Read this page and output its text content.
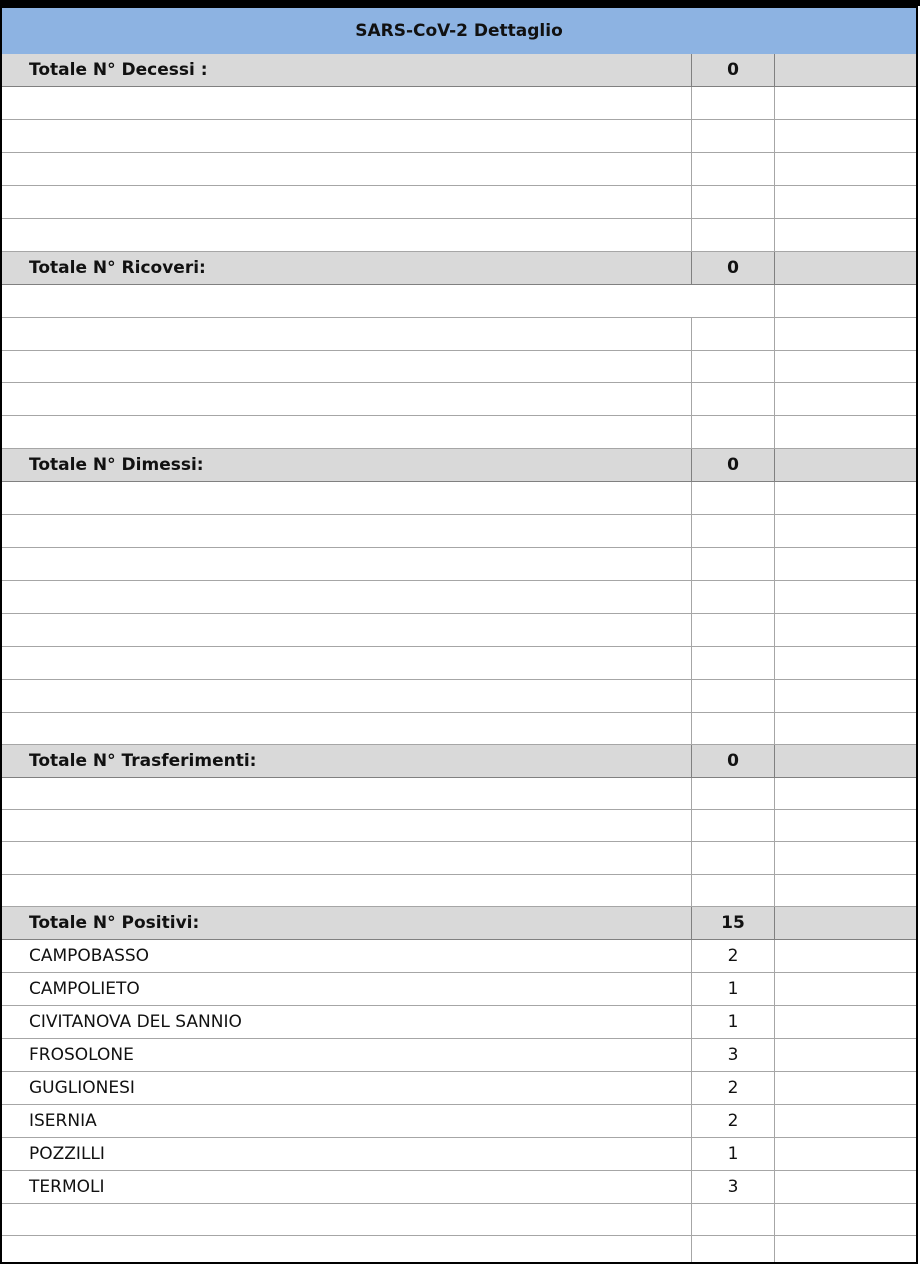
SARS-CoV-2 Dettaglio
Totale N° Decessi :	0
Totale N° Ricoveri:	0
Totale N° Dimessi:	0
Totale N° Trasferimenti:	0
Totale N° Positivi:	15
CAMPOBASSO	2
CAMPOLIETO	1
CIVITANOVA DEL SANNIO	1
FROSOLONE	3
GUGLIONESI	2
ISERNIA	2
POZZILLI	1
TERMOLI	3
